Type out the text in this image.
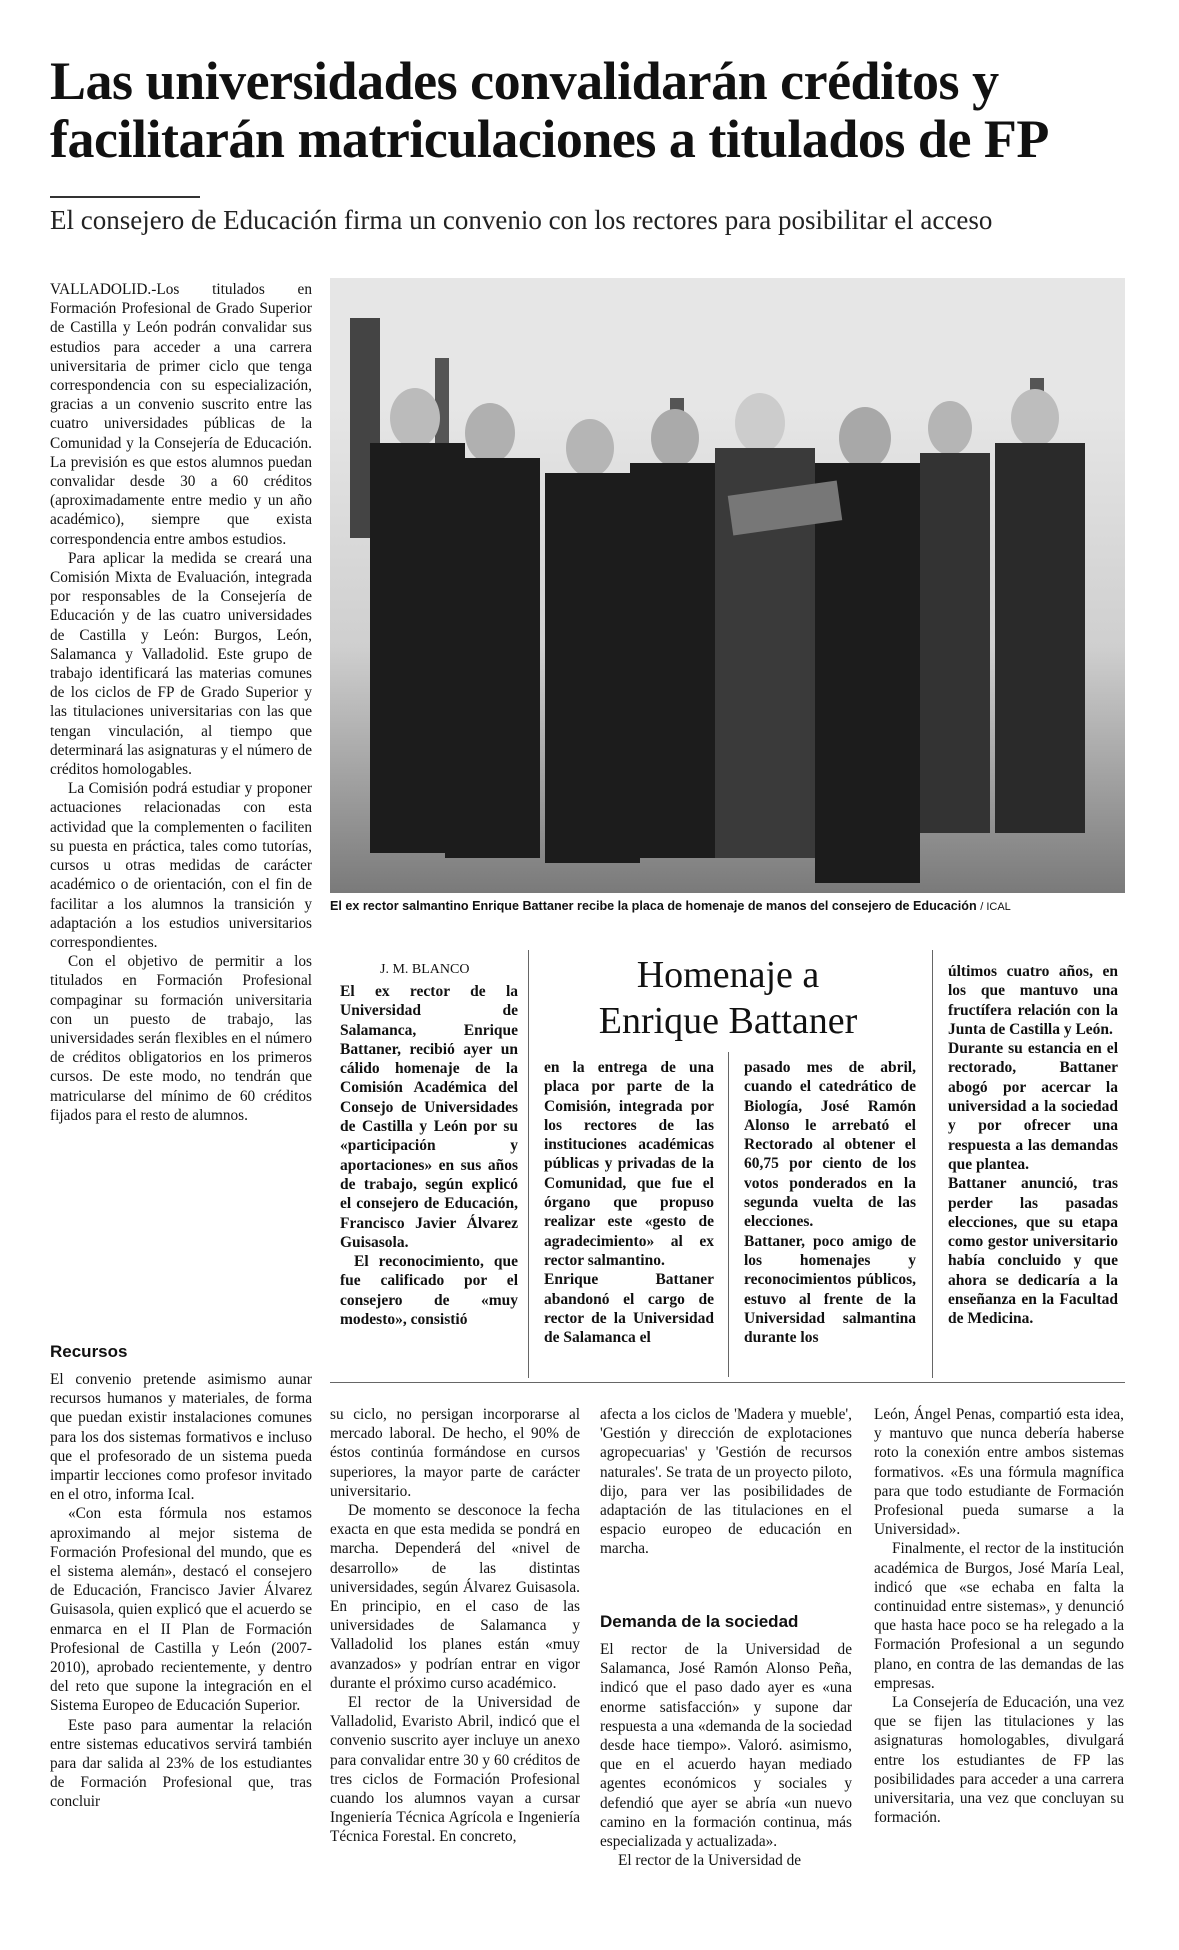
Las universidades convalidarán créditos y
facilitarán matriculaciones a titulados de FP
El consejero de Educación firma un convenio con los rectores para posibilitar el acceso

VALLADOLID.-Los titulados en Formación Profesional de Grado Superior de Castilla y León podrán convalidar sus estudios para acceder a una carrera universitaria de primer ciclo que tenga correspondencia con su especialización, gracias a un convenio suscrito entre las cuatro universidades públicas de la Comunidad y la Consejería de Educación. La previsión es que estos alumnos puedan convalidar desde 30 a 60 créditos (aproximadamente entre medio y un año académico), siempre que exista correspondencia entre ambos estudios.

Para aplicar la medida se creará una Comisión Mixta de Evaluación, integrada por responsables de la Consejería de Educación y de las cuatro universidades de Castilla y León: Burgos, León, Salamanca y Valladolid. Este grupo de trabajo identificará las materias comunes de los ciclos de FP de Grado Superior y las titulaciones universitarias con las que tengan vinculación, al tiempo que determinará las asignaturas y el número de créditos homologables.

La Comisión podrá estudiar y proponer actuaciones relacionadas con esta actividad que la complementen o faciliten su puesta en práctica, tales como tutorías, cursos u otras medidas de carácter académico o de orientación, con el fin de facilitar a los alumnos la transición y adaptación a los estudios universitarios correspondientes.

Con el objetivo de permitir a los titulados en Formación Profesional compaginar su formación universitaria con un puesto de trabajo, las universidades serán flexibles en el número de créditos obligatorios en los primeros cursos. De este modo, no tendrán que matricularse del mínimo de 60 créditos fijados para el resto de alumnos.

Recursos

El convenio pretende asimismo aunar recursos humanos y materiales, de forma que puedan existir instalaciones comunes para los dos sistemas formativos e incluso que el profesorado de un sistema pueda impartir lecciones como profesor invitado en el otro, informa Ical.

«Con esta fórmula nos estamos aproximando al mejor sistema de Formación Profesional del mundo, que es el sistema alemán», destacó el consejero de Educación, Francisco Javier Álvarez Guisasola, quien explicó que el acuerdo se enmarca en el II Plan de Formación Profesional de Castilla y León (2007-2010), aprobado recientemente, y dentro del reto que supone la integración en el Sistema Europeo de Educación Superior.

Este paso para aumentar la relación entre sistemas educativos servirá también para dar salida al 23% de los estudiantes de Formación Profesional que, tras concluir

El ex rector salmantino Enrique Battaner recibe la placa de homenaje de manos del consejero de Educación / ICAL
J. M. BLANCO	Homenaje a
Enrique Battaner

El ex rector de la Universidad de Salamanca, Enrique Battaner, recibió ayer un cálido homenaje de la Comisión Académica del Consejo de Universidades de Castilla y León por su «participación y aportaciones» en sus años de trabajo, según explicó el consejero de Educación, Francisco Javier Álvarez Guisasola.

El reconocimiento, que fue calificado por el consejero de «muy modesto», consistió

en la entrega de una placa por parte de la Comisión, integrada por los rectores de las instituciones académicas públicas y privadas de la Comunidad, que fue el órgano que propuso realizar este «gesto de agradecimiento» al ex rector salmantino.

Enrique Battaner abandonó el cargo de rector de la Universidad de Salamanca el

pasado mes de abril, cuando el catedrático de Biología, José Ramón Alonso le arrebató el Rectorado al obtener el 60,75 por ciento de los votos ponderados en la segunda vuelta de las elecciones.

Battaner, poco amigo de los homenajes y reconocimientos públicos, estuvo al frente de la Universidad salmantina durante los

últimos cuatro años, en los que mantuvo una fructífera relación con la Junta de Castilla y León.

Durante su estancia en el rectorado, Battaner abogó por acercar la universidad a la sociedad y por ofrecer una respuesta a las demandas que plantea.

Battaner anunció, tras perder las pasadas elecciones, que su etapa como gestor universitario había concluido y que ahora se dedicaría a la enseñanza en la Facultad de Medicina.

su ciclo, no persigan incorporarse al mercado laboral. De hecho, el 90% de éstos continúa formándose en cursos superiores, la mayor parte de carácter universitario.

De momento se desconoce la fecha exacta en que esta medida se pondrá en marcha. Dependerá del «nivel de desarrollo» de las distintas universidades, según Álvarez Guisasola. En principio, en el caso de las universidades de Salamanca y Valladolid los planes están «muy avanzados» y podrían entrar en vigor durante el próximo curso académico.

El rector de la Universidad de Valladolid, Evaristo Abril, indicó que el convenio suscrito ayer incluye un anexo para convalidar entre 30 y 60 créditos de tres ciclos de Formación Profesional cuando los alumnos vayan a cursar Ingeniería Técnica Agrícola e Ingeniería Técnica Forestal. En concreto,

afecta a los ciclos de 'Madera y mueble', 'Gestión y dirección de explotaciones agropecuarias' y 'Gestión de recursos naturales'. Se trata de un proyecto piloto, dijo, para ver las posibilidades de adaptación de las titulaciones en el espacio europeo de educación en marcha.

Demanda de la sociedad

El rector de la Universidad de Salamanca, José Ramón Alonso Peña, indicó que el paso dado ayer es «una enorme satisfacción» y supone dar respuesta a una «demanda de la sociedad desde hace tiempo». Valoró. asimismo, que en el acuerdo hayan mediado agentes económicos y sociales y defendió que ayer se abría «un nuevo camino en la formación continua, más especializada y actualizada».

El rector de la Universidad de

León, Ángel Penas, compartió esta idea, y mantuvo que nunca debería haberse roto la conexión entre ambos sistemas formativos. «Es una fórmula magnífica para que todo estudiante de Formación Profesional pueda sumarse a la Universidad».

Finalmente, el rector de la institución académica de Burgos, José María Leal, indicó que «se echaba en falta la continuidad entre sistemas», y denunció que hasta hace poco se ha relegado a la Formación Profesional a un segundo plano, en contra de las demandas de las empresas.

La Consejería de Educación, una vez que se fijen las titulaciones y las asignaturas homologables, divulgará entre los estudiantes de FP las posibilidades para acceder a una carrera universitaria, una vez que concluyan su formación.
